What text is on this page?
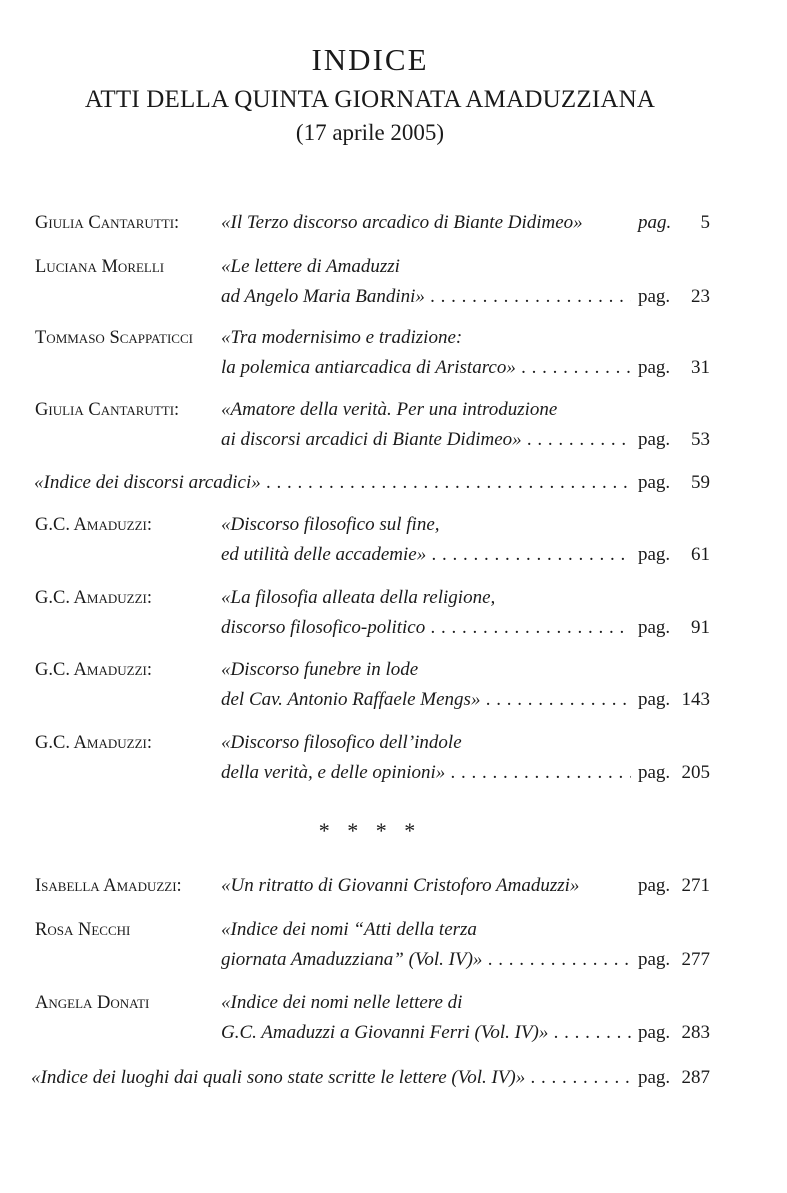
INDICE
ATTI DELLA QUINTA GIORNATA AMADUZZIANA
(17 aprile 2005)
Giulia Cantarutti: «Il Terzo discorso arcadico di Biante Didimeo»	pag. 5
Luciana Morelli	«Le lettere di Amaduzzi
ad Angelo Maria Bandini» . . .	pag. 23
Tommaso Scappaticci «Tra modernisimo e tradizione:
la polemica antiarcadica di Aristarco» . . .	pag. 31
Giulia Cantarutti: «Amatore della verità. Per una introduzione
ai discorsi arcadici di Biante Didimeo» . . .	pag. 53
«Indice dei discorsi arcadici» . . .	pag. 59
G.C. Amaduzzi:	«Discorso filosofico sul fine,
ed utilità delle accademie» . . .	pag. 61
G.C. Amaduzzi:	«La filosofia alleata della religione,
discorso filosofico-politico . . .	pag. 91
G.C. Amaduzzi:	«Discorso funebre in lode
del Cav. Antonio Raffaele Mengs» . . .	pag. 143
G.C. Amaduzzi:	«Discorso filosofico dell’indole
della verità, e delle opinioni» . . .	pag. 205
* * * *
Isabella Amaduzzi: «Un ritratto di Giovanni Cristoforo Amaduzzi»	pag. 271
Rosa Necchi	«Indice dei nomi “Atti della terza
giornata Amaduzziana” (Vol. IV)» . . .	pag. 277
Angela Donati	«Indice dei nomi nelle lettere di
G.C. Amaduzzi a Giovanni Ferri (Vol. IV)» . . .	pag. 283
«Indice dei luoghi dai quali sono state scritte le lettere (Vol. IV)» . . .	pag. 287
